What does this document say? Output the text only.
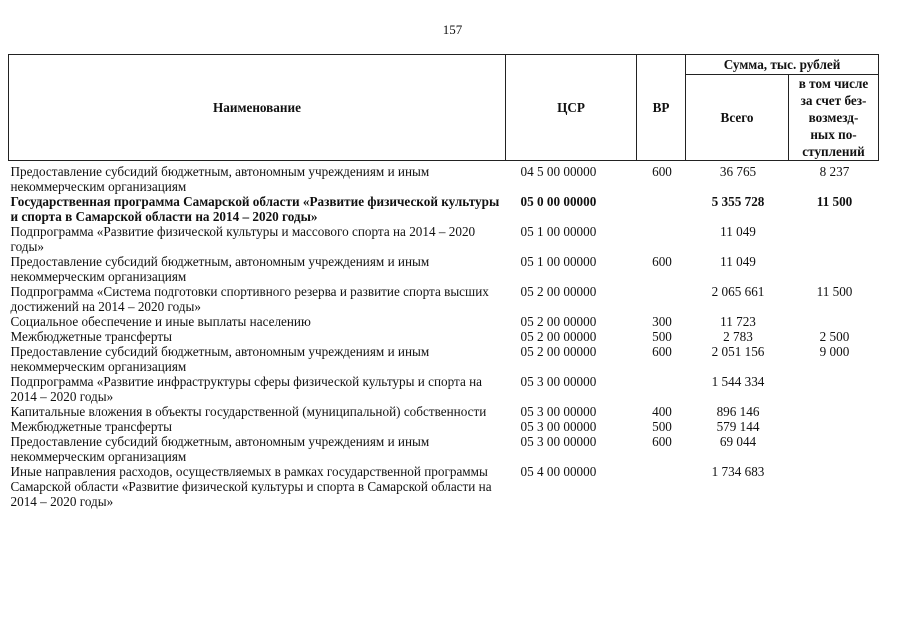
157
Наименование	ЦСР	ВР	Сумма, тыс. рублей	
			Всего	в том числе
за счет без-
возмезд-
ных по-
ступлений
Предоставление субсидий бюджетным, автономным учреждениям и иным некоммерческим организациям	04 5 00 00000	600	36 765	8 237
Государственная программа Самарской области «Развитие физической культуры и спорта в Самарской области на 2014 – 2020 годы»	05 0 00 00000		5 355 728	11 500
Подпрограмма «Развитие физической культуры и массового спорта на 2014 – 2020 годы»	05 1 00 00000		11 049	
Предоставление субсидий бюджетным, автономным учреждениям и иным некоммерческим организациям	05 1 00 00000	600	11 049	
Подпрограмма «Система подготовки спортивного резерва и развитие спорта высших достижений на 2014 – 2020 годы»	05 2 00 00000		2 065 661	11 500
Социальное обеспечение и иные выплаты населению	05 2 00 00000	300	11 723	
Межбюджетные трансферты	05 2 00 00000	500	2 783	2 500
Предоставление субсидий бюджетным, автономным учреждениям и иным некоммерческим организациям	05 2 00 00000	600	2 051 156	9 000
Подпрограмма «Развитие инфраструктуры сферы физической культуры и спорта на 2014 – 2020 годы»	05 3 00 00000		1 544 334	
Капитальные вложения в объекты государственной (муниципальной) собственности	05 3 00 00000	400	896 146	
Межбюджетные трансферты	05 3 00 00000	500	579 144	
Предоставление субсидий бюджетным, автономным учреждениям и иным некоммерческим организациям	05 3 00 00000	600	69 044	
Иные направления расходов, осуществляемых в рамках государственной программы Самарской области «Развитие физической культуры и спорта в Самарской области на 2014 – 2020 годы»	05 4 00 00000		1 734 683	
